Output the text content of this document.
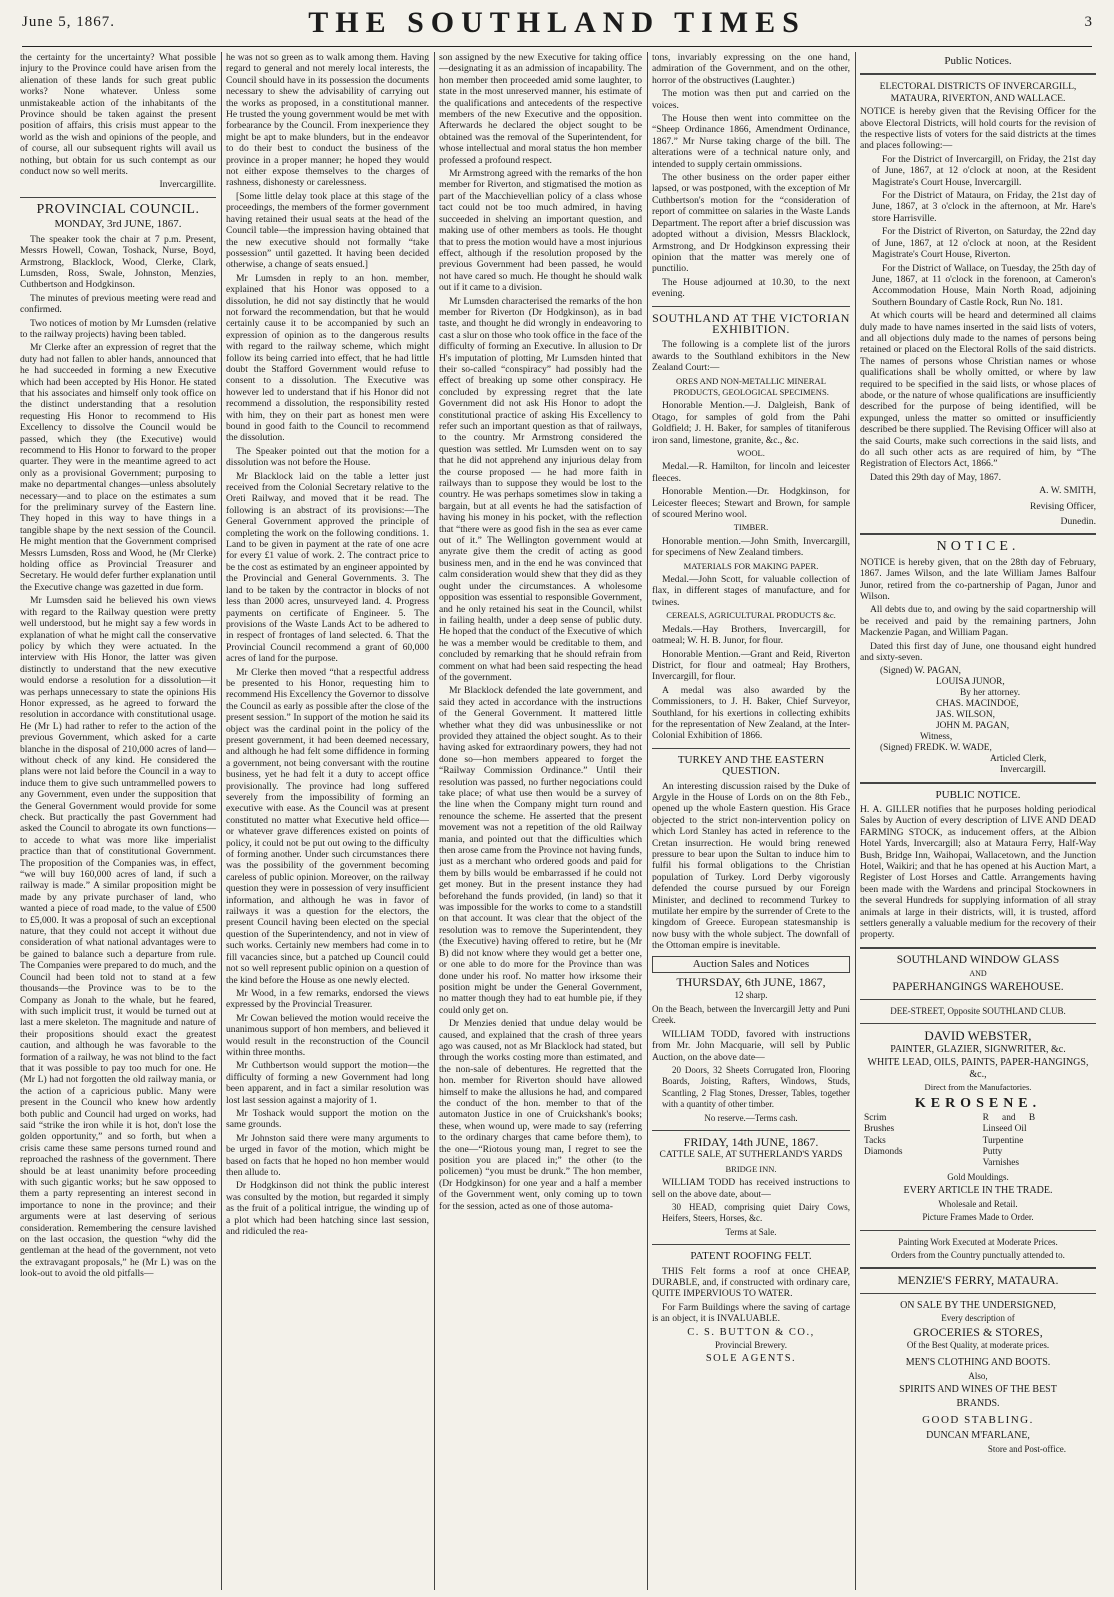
June 5, 1867.	THE SOUTHLAND TIMES	3

the certainty for the uncertainty? What possible injury to the Province could have arisen from the alienation of these lands for such great public works? None whatever. Unless some unmistakeable action of the inhabitants of the Province should be taken against the present position of affairs, this crisis must appear to the world as the wish and opinions of the people, and of course, all our subsequent rights will avail us nothing, but obtain for us such contempt as our conduct now so well merits.

Invercargillite.
PROVINCIAL COUNCIL.
MONDAY, 3rd JUNE, 1867.

The speaker took the chair at 7 p.m. Present, Messrs Howell, Cowan, Toshack, Nurse, Boyd, Armstrong, Blacklock, Wood, Clerke, Clark, Lumsden, Ross, Swale, Johnston, Menzies, Cuthbertson and Hodgkinson.

The minutes of previous meeting were read and confirmed.

Two notices of motion by Mr Lumsden (relative to the railway projects) having been tabled.

Mr Clerke after an expression of regret that the duty had not fallen to abler hands, announced that he had succeeded in forming a new Executive which had been accepted by His Honor. He stated that his associates and himself only took office on the distinct understanding that a resolution requesting His Honor to recommend to His Excellency to dissolve the Council would be passed, which they (the Executive) would recommend to His Honor to forward to the proper quarter. They were in the meantime agreed to act only as a provisional Government; purposing to make no departmental changes—unless absolutely necessary—and to place on the estimates a sum for the preliminary survey of the Eastern line. They hoped in this way to have things in a tangible shape by the next session of the Council. He might mention that the Government comprised Messrs Lumsden, Ross and Wood, he (Mr Clerke) holding office as Provincial Treasurer and Secretary. He would defer further explanation until the Executive change was gazetted in due form.

Mr Lumsden said he believed his own views with regard to the Railway question were pretty well understood, but he might say a few words in explanation of what he might call the conservative policy by which they were actuated. In the interview with His Honor, the latter was given distinctly to understand that the new executive would endorse a resolution for a dissolution—it was perhaps unnecessary to state the opinions His Honor expressed, as he agreed to forward the resolution in accordance with constitutional usage. He (Mr L) had rather to refer to the action of the previous Government, which asked for a carte blanche in the disposal of 210,000 acres of land—without check of any kind. He considered the plans were not laid before the Council in a way to induce them to give such untrammelled powers to any Government, even under the supposition that the General Government would provide for some check. But practically the past Government had asked the Council to abrogate its own functions—to accede to what was more like imperialist practice than that of constitutional Government. The proposition of the Companies was, in effect, “we will buy 160,000 acres of land, if such a railway is made.” A similar proposition might be made by any private purchaser of land, who wanted a piece of road made, to the value of £500 to £5,000. It was a proposal of such an exceptional nature, that they could not accept it without due consideration of what national advantages were to be gained to balance such a departure from rule. The Companies were prepared to do much, and the Council had been told not to stand at a few thousands—the Province was to be to the Company as Jonah to the whale, but he feared, with such implicit trust, it would be turned out at last a mere skeleton. The magnitude and nature of their propositions should exact the greatest caution, and although he was favorable to the formation of a railway, he was not blind to the fact that it was possible to pay too much for one. He (Mr L) had not forgotten the old railway mania, or the action of a capricious public. Many were present in the Council who knew how ardently both public and Council had urged on works, had said “strike the iron while it is hot, don't lose the golden opportunity,” and so forth, but when a crisis came these same persons turned round and reproached the rashness of the government. There should be at least unanimity before proceeding with such gigantic works; but he saw opposed to them a party representing an interest second in importance to none in the province; and their arguments were at last deserving of serious consideration. Remembering the censure lavished on the last occasion, the question “why did the gentleman at the head of the government, not veto the extravagant proposals,” he (Mr L) was on the look-out to avoid the old pitfalls—

he was not so green as to walk among them. Having regard to general and not merely local interests, the Council should have in its possession the documents necessary to shew the advisability of carrying out the works as proposed, in a constitutional manner. He trusted the young government would be met with forbearance by the Council. From inexperience they might be apt to make blunders, but in the endeavor to do their best to conduct the business of the province in a proper manner; he hoped they would not either expose themselves to the charges of rashness, dishonesty or carelessness.

[Some little delay took place at this stage of the proceedings, the members of the former government having retained their usual seats at the head of the Council table—the impression having obtained that the new executive should not formally “take possession” until gazetted. It having been decided otherwise, a change of seats ensued.]

Mr Lumsden in reply to an hon. member, explained that his Honor was opposed to a dissolution, he did not say distinctly that he would not forward the recommendation, but that he would certainly cause it to be accompanied by such an expression of opinion as to the dangerous results with regard to the railway scheme, which might follow its being carried into effect, that he had little doubt the Stafford Government would refuse to consent to a dissolution. The Executive was however led to understand that if his Honor did not recommend a dissolution, the responsibility rested with him, they on their part as honest men were bound in good faith to the Council to recommend the dissolution.

The Speaker pointed out that the motion for a dissolution was not before the House.

Mr Blacklock laid on the table a letter just received from the Colonial Secretary relative to the Oreti Railway, and moved that it be read. The following is an abstract of its provisions:—The General Government approved the principle of completing the work on the following conditions. 1. Land to be given in payment at the rate of one acre for every £1 value of work. 2. The contract price to be the cost as estimated by an engineer appointed by the Provincial and General Governments. 3. The land to be taken by the contractor in blocks of not less than 2000 acres, unsurveyed land. 4. Progress payments on certificate of Engineer. 5. The provisions of the Waste Lands Act to be adhered to in respect of frontages of land selected. 6. That the Provincial Council recommend a grant of 60,000 acres of land for the purpose.

Mr Clerke then moved “that a respectful address be presented to his Honor, requesting him to recommend His Excellency the Governor to dissolve the Council as early as possible after the close of the present session.” In support of the motion he said its object was the cardinal point in the policy of the present government, it had been deemed necessary, and although he had felt some diffidence in forming a government, not being conversant with the routine business, yet he had felt it a duty to accept office provisionally. The province had long suffered severely from the impossibility of forming an executive with ease. As the Council was at present constituted no matter what Executive held office—or whatever grave differences existed on points of policy, it could not be put out owing to the difficulty of forming another. Under such circumstances there was the possibility of the government becoming careless of public opinion. Moreover, on the railway question they were in possession of very insufficient information, and although he was in favor of railways it was a question for the electors, the present Council having been elected on the special question of the Superintendency, and not in view of such works. Certainly new members had come in to fill vacancies since, but a patched up Council could not so well represent public opinion on a question of the kind before the House as one newly elected.

Mr Wood, in a few remarks, endorsed the views expressed by the Provincial Treasurer.

Mr Cowan believed the motion would receive the unanimous support of hon members, and believed it would result in the reconstruction of the Council within three months.

Mr Cuthbertson would support the motion—the difficulty of forming a new Government had long been apparent, and in fact a similar resolution was lost last session against a majority of 1.

Mr Toshack would support the motion on the same grounds.

Mr Johnston said there were many arguments to be urged in favor of the motion, which might be based on facts that he hoped no hon member would then allude to.

Dr Hodgkinson did not think the public interest was consulted by the motion, but regarded it simply as the fruit of a political intrigue, the winding up of a plot which had been hatching since last session, and ridiculed the rea-

son assigned by the new Executive for taking office—designating it as an admission of incapability. The hon member then proceeded amid some laughter, to state in the most unreserved manner, his estimate of the qualifications and antecedents of the respective members of the new Executive and the opposition. Afterwards he declared the object sought to be obtained was the removal of the Superintendent, for whose intellectual and moral status the hon member professed a profound respect.

Mr Armstrong agreed with the remarks of the hon member for Riverton, and stigmatised the motion as part of the Macchievellian policy of a class whose tact could not be too much admired, in having succeeded in shelving an important question, and making use of other members as tools. He thought that to press the motion would have a most injurious effect, although if the resolution proposed by the previous Government had been passed, he would not have cared so much. He thought he should walk out if it came to a division.

Mr Lumsden characterised the remarks of the hon member for Riverton (Dr Hodgkinson), as in bad taste, and thought he did wrongly in endeavoring to cast a slur on those who took office in the face of the difficulty of forming an Executive. In allusion to Dr H's imputation of plotting, Mr Lumsden hinted that their so-called “conspiracy” had possibly had the effect of breaking up some other conspiracy. He concluded by expressing regret that the late Government did not ask His Honor to adopt the constitutional practice of asking His Excellency to refer such an important question as that of railways, to the country. Mr Armstrong considered the question was settled. Mr Lumsden went on to say that he did not apprehend any injurious delay from the course proposed — he had more faith in railways than to suppose they would be lost to the country. He was perhaps sometimes slow in taking a bargain, but at all events he had the satisfaction of having his money in his pocket, with the reflection that “there were as good fish in the sea as ever came out of it.” The Wellington government would at anyrate give them the credit of acting as good business men, and in the end he was convinced that calm consideration would shew that they did as they ought under the circumstances. A wholesome opposition was essential to responsible Government, and he only retained his seat in the Council, whilst in failing health, under a deep sense of public duty. He hoped that the conduct of the Executive of which he was a member would be creditable to them, and concluded by remarking that he should refrain from comment on what had been said respecting the head of the government.

Mr Blacklock defended the late government, and said they acted in accordance with the instructions of the General Government. It mattered little whether what they did was unbusinesslike or not provided they attained the object sought. As to their having asked for extraordinary powers, they had not done so—hon members appeared to forget the “Railway Commission Ordinance.” Until their resolution was passed, no further negociations could take place; of what use then would be a survey of the line when the Company might turn round and renounce the scheme. He asserted that the present movement was not a repetition of the old Railway mania, and pointed out that the difficulties which then arose came from the Province not having funds, just as a merchant who ordered goods and paid for them by bills would be embarrassed if he could not get money. But in the present instance they had beforehand the funds provided, (in land) so that it was impossible for the works to come to a standstill on that account. It was clear that the object of the resolution was to remove the Superintendent, they (the Executive) having offered to retire, but he (Mr B) did not know where they would get a better one, or one able to do more for the Province than was done under his roof. No matter how irksome their position might be under the General Government, no matter though they had to eat humble pie, if they could only get on.

Dr Menzies denied that undue delay would be caused, and explained that the crash of three years ago was caused, not as Mr Blacklock had stated, but through the works costing more than estimated, and the non-sale of debentures. He regretted that the hon. member for Riverton should have allowed himself to make the allusions he had, and compared the conduct of the hon. member to that of the automaton Justice in one of Cruickshank's books; these, when wound up, were made to say (referring to the ordinary charges that came before them), to the one—“Riotous young man, I regret to see the position you are placed in;” the other (to the policemen) “you must be drunk.” The hon member, (Dr Hodgkinson) for one year and a half a member of the Government went, only coming up to town for the session, acted as one of those automa-

tons, invariably expressing on the one hand, admiration of the Government, and on the other, horror of the obstructives (Laughter.)

The motion was then put and carried on the voices.

The House then went into committee on the “Sheep Ordinance 1866, Amendment Ordinance, 1867.” Mr Nurse taking charge of the bill. The alterations were of a technical nature only, and intended to supply certain ommissions.

The other business on the order paper either lapsed, or was postponed, with the exception of Mr Cuthbertson's motion for the “consideration of report of committee on salaries in the Waste Lands Department. The report after a brief discussion was adopted without a division, Messrs Blacklock, Armstrong, and Dr Hodgkinson expressing their opinion that the matter was merely one of punctilio.

The House adjourned at 10.30, to the next evening.

SOUTHLAND AT THE VICTORIAN EXHIBITION.

The following is a complete list of the jurors awards to the Southland exhibitors in the New Zealand Court:—

ORES AND NON-METALLIC MINERAL PRODUCTS, GEOLOGICAL SPECIMENS.

Honorable Mention.—J. Dalgleish, Bank of Otago, for samples of gold from the Pahi Goldfield; J. H. Baker, for samples of titaniferous iron sand, limestone, granite, &c., &c.

WOOL.

Medal.—R. Hamilton, for lincoln and leicester fleeces.

Honorable Mention.—Dr. Hodgkinson, for Leicester fleeces; Stewart and Brown, for sample of scoured Merino wool.

TIMBER.

Honorable mention.—John Smith, Invercargill, for specimens of New Zealand timbers.

MATERIALS FOR MAKING PAPER.

Medal.—John Scott, for valuable collection of flax, in different stages of manufacture, and for twines.

CEREALS, AGRICULTURAL PRODUCTS &c.

Medals.—Hay Brothers, Invercargill, for oatmeal; W. H. B. Junor, for flour.

Honorable Mention.—Grant and Reid, Riverton District, for flour and oatmeal; Hay Brothers, Invercargill, for flour.

A medal was also awarded by the Commissioners, to J. H. Baker, Chief Surveyor, Southland, for his exertions in collecting exhibits for the representation of New Zealand, at the Inter-Colonial Exhibition of 1866.

TURKEY AND THE EASTERN QUESTION.

An interesting discussion raised by the Duke of Argyle in the House of Lords on on the 8th Feb., opened up the whole Eastern question. His Grace objected to the strict non-intervention policy on which Lord Stanley has acted in reference to the Cretan insurrection. He would bring renewed pressure to bear upon the Sultan to induce him to fulfil his formal obligations to the Christian population of Turkey. Lord Derby vigorously defended the course pursued by our Foreign Minister, and declined to recommend Turkey to mutilate her empire by the surrender of Crete to the kingdom of Greece. European statesmanship is now busy with the whole subject. The downfall of the Ottoman empire is inevitable.

Auction Sales and Notices
THURSDAY, 6th JUNE, 1867,
12 sharp.

On the Beach, between the Invercargill Jetty and Puni Creek.

WILLIAM TODD, favored with instructions from Mr. John Macquarie, will sell by Public Auction, on the above date—

20 Doors, 32 Sheets Corrugated Iron, Flooring Boards, Joisting, Rafters, Windows, Studs, Scantling, 2 Flag Stones, Dresser, Tables, together with a quantity of other timber.

No reserve.—Terms cash.
FRIDAY, 14th JUNE, 1867.
CATTLE SALE, AT SUTHERLAND'S YARDS
BRIDGE INN.

WILLIAM TODD has received instructions to sell on the above date, about—

30 HEAD, comprising quiet Dairy Cows, Heifers, Steers, Horses, &c.

Terms at Sale.
PATENT ROOFING FELT.

THIS Felt forms a roof at once CHEAP, DURABLE, and, if constructed with ordinary care, QUITE IMPERVIOUS TO WATER.

For Farm Buildings where the saving of cartage is an object, it is INVALUABLE.

C. S. BUTTON & CO.,
Provincial Brewery.
SOLE AGENTS.
Public Notices.

ELECTORAL DISTRICTS OF INVERCARGILL, MATAURA, RIVERTON, AND WALLACE.

NOTICE is hereby given that the Revising Officer for the above Electoral Districts, will hold courts for the revision of the respective lists of voters for the said districts at the times and places following:—

For the District of Invercargill, on Friday, the 21st day of June, 1867, at 12 o'clock at noon, at the Resident Magistrate's Court House, Invercargill.

For the District of Mataura, on Friday, the 21st day of June, 1867, at 3 o'clock in the afternoon, at Mr. Hare's store Harrisville.

For the District of Riverton, on Saturday, the 22nd day of June, 1867, at 12 o'clock at noon, at the Resident Magistrate's Court House, Riverton.

For the District of Wallace, on Tuesday, the 25th day of June, 1867, at 11 o'clock in the forenoon, at Cameron's Accommodation House, Main North Road, adjoining Southern Boundary of Castle Rock, Run No. 181.

At which courts will be heard and determined all claims duly made to have names inserted in the said lists of voters, and all objections duly made to the names of persons being retained or placed on the Electoral Rolls of the said districts. The names of persons whose Christian names or whose qualifications shall be wholly omitted, or where by law required to be specified in the said lists, or whose places of abode, or the nature of whose qualifications are insufficiently described for the purpose of being identified, will be expunged, unless the matter so omitted or insufficiently described be there supplied. The Revising Officer will also at the said Courts, make such corrections in the said lists, and do all such other acts as are required of him, by “The Registration of Electors Act, 1866.”

Dated this 29th day of May, 1867.

A. W. SMITH,
Revising Officer,
Dunedin.
NOTICE.

NOTICE is hereby given, that on the 28th day of February, 1867. James Wilson, and the late William James Balfour Junor, retired from the co-partnership of Pagan, Junor and Wilson.

All debts due to, and owing by the said copartnership will be received and paid by the remaining partners, John Mackenzie Pagan, and William Pagan.

Dated this first day of June, one thousand eight hundred and sixty-seven.

(Signed) W. PAGAN,
LOUISA JUNOR,
By her attorney.
CHAS. MACINDOE,
JAS. WILSON,
JOHN M. PAGAN,
Witness,
(Signed) FREDK. W. WADE,
Articled Clerk,
Invercargill.
PUBLIC NOTICE.

H. A. GILLER notifies that he purposes holding periodical Sales by Auction of every description of LIVE AND DEAD FARMING STOCK, as inducement offers, at the Albion Hotel Yards, Invercargill; also at Mataura Ferry, Half-Way Bush, Bridge Inn, Waihopai, Wallacetown, and the Junction Hotel, Waikiri; and that he has opened at his Auction Mart, a Register of Lost Horses and Cattle. Arrangements having been made with the Wardens and principal Stockowners in the several Hundreds for supplying information of all stray animals at large in their districts, will, it is trusted, afford settlers generally a valuable medium for the recovery of their property.

SOUTHLAND WINDOW GLASS
AND
PAPERHANGINGS WAREHOUSE.
DEE-STREET, Opposite SOUTHLAND CLUB.
DAVID WEBSTER,
PAINTER, GLAZIER, SIGNWRITER, &c.
WHITE LEAD, OILS, PAINTS, PAPER-HANGINGS, &c.,
Direct from the Manufactories.
KEROSENE.
Scrim
Brushes
Tacks
Diamonds
R and B Linseed Oil
Turpentine
Putty
Varnishes
Gold Mouldings.
EVERY ARTICLE IN THE TRADE.
Wholesale and Retail.
Picture Frames Made to Order.
Painting Work Executed at Moderate Prices.
Orders from the Country punctually attended to.
MENZIE'S FERRY, MATAURA.
ON SALE BY THE UNDERSIGNED,
Every description of
GROCERIES & STORES,
Of the Best Quality, at moderate prices.
MEN'S CLOTHING AND BOOTS.
Also,
SPIRITS AND WINES OF THE BEST
BRANDS.
GOOD STABLING.
DUNCAN M'FARLANE,
Store and Post-office.
